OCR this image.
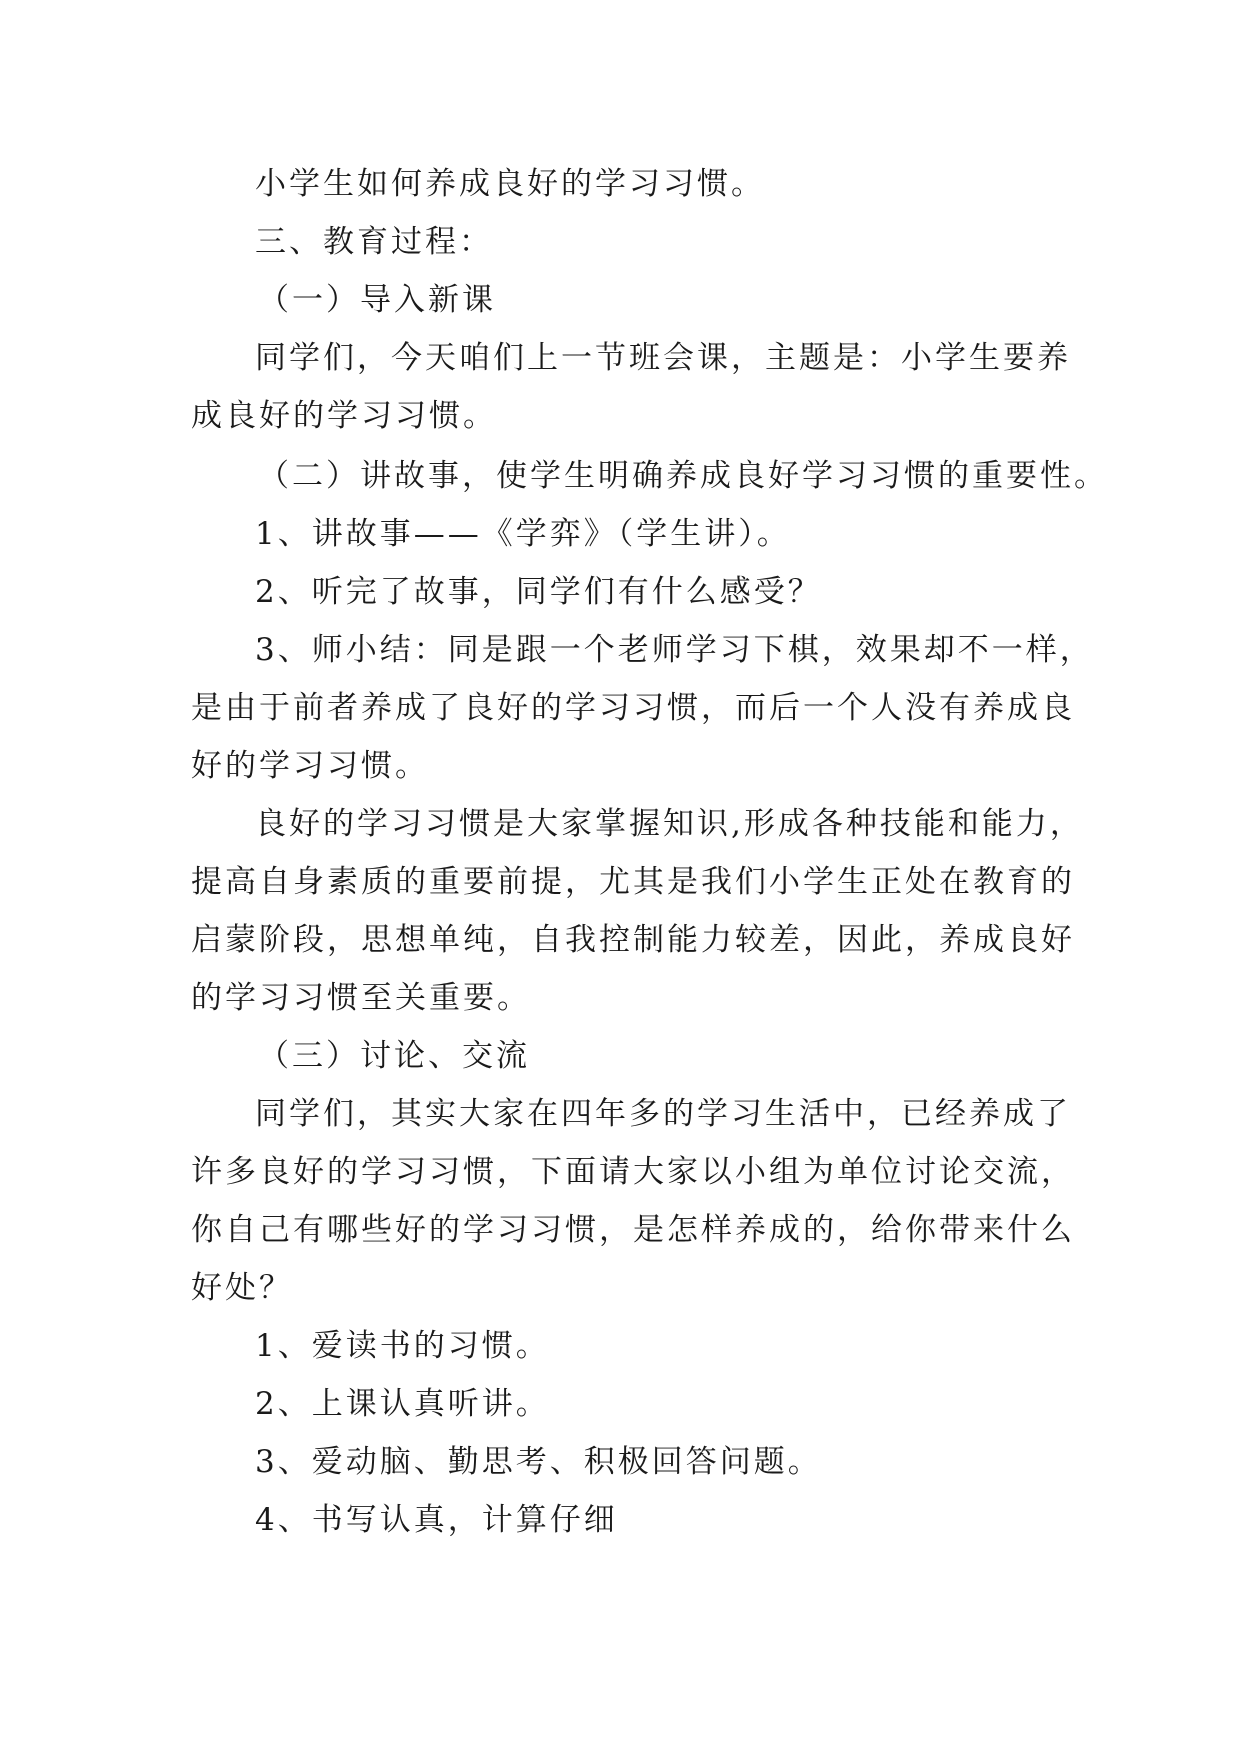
小学生如何养成良好的学习习惯。
三、教育过程：
（一）导入新课
同学们，今天咱们上一节班会课，主题是：小学生要养
成良好的学习习惯。
（二）讲故事，使学生明确养成良好学习习惯的重要性。
1、讲故事——《学弈》（学生讲）。
2、听完了故事，同学们有什么感受？
3、师小结：同是跟一个老师学习下棋，效果却不一样，
是由于前者养成了良好的学习习惯，而后一个人没有养成良
好的学习习惯。
良好的学习习惯是大家掌握知识,形成各种技能和能力，
提高自身素质的重要前提，尤其是我们小学生正处在教育的
启蒙阶段，思想单纯，自我控制能力较差，因此，养成良好
的学习习惯至关重要。
（三）讨论、交流
同学们，其实大家在四年多的学习生活中，已经养成了
许多良好的学习习惯，下面请大家以小组为单位讨论交流，
你自己有哪些好的学习习惯，是怎样养成的，给你带来什么
好处？
1、爱读书的习惯。
2、上课认真听讲。
3、爱动脑、勤思考、积极回答问题。
4、书写认真，计算仔细
